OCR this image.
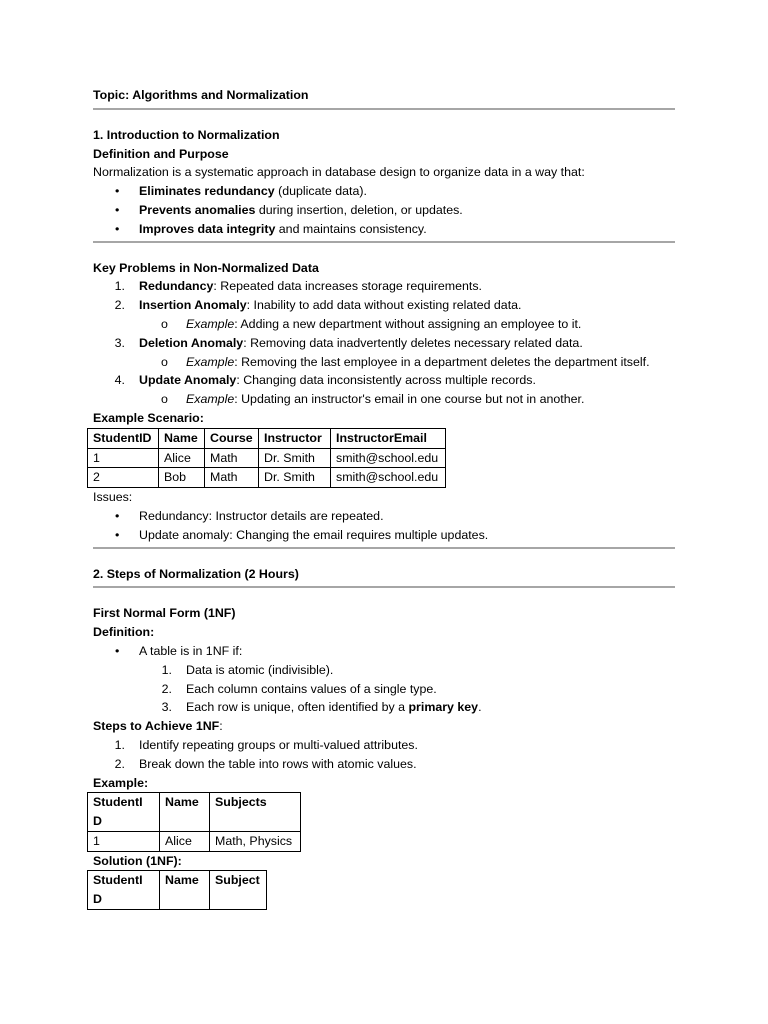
Topic: Algorithms and Normalization

1. Introduction to Normalization

Definition and Purpose

Normalization is a systematic approach in database design to organize data in a way that:

• Eliminates redundancy (duplicate data).
• Prevents anomalies during insertion, deletion, or updates.
• Improves data integrity and maintains consistency.

Key Problems in Non-Normalized Data

1. Redundancy: Repeated data increases storage requirements.
2. Insertion Anomaly: Inability to add data without existing related data.
o Example: Adding a new department without assigning an employee to it.
3. Deletion Anomaly: Removing data inadvertently deletes necessary related data.
o Example: Removing the last employee in a department deletes the department itself.
4. Update Anomaly: Changing data inconsistently across multiple records.
o Example: Updating an instructor's email in one course but not in another.

Example Scenario:

StudentID	Name	Course	Instructor	InstructorEmail
1	Alice	Math	Dr. Smith	smith@school.edu
2	Bob	Math	Dr. Smith	smith@school.edu

Issues:

• Redundancy: Instructor details are repeated.
• Update anomaly: Changing the email requires multiple updates.

2. Steps of Normalization (2 Hours)

First Normal Form (1NF)

Definition:

• A table is in 1NF if:
1. Data is atomic (indivisible).
2. Each column contains values of a single type.
3. Each row is unique, often identified by a primary key.

Steps to Achieve 1NF:

1. Identify repeating groups or multi-valued attributes.
2. Break down the table into rows with atomic values.

Example:

StudentI
D	Name	Subjects
1	Alice	Math, Physics

Solution (1NF):

StudentI
D	Name	Subject
